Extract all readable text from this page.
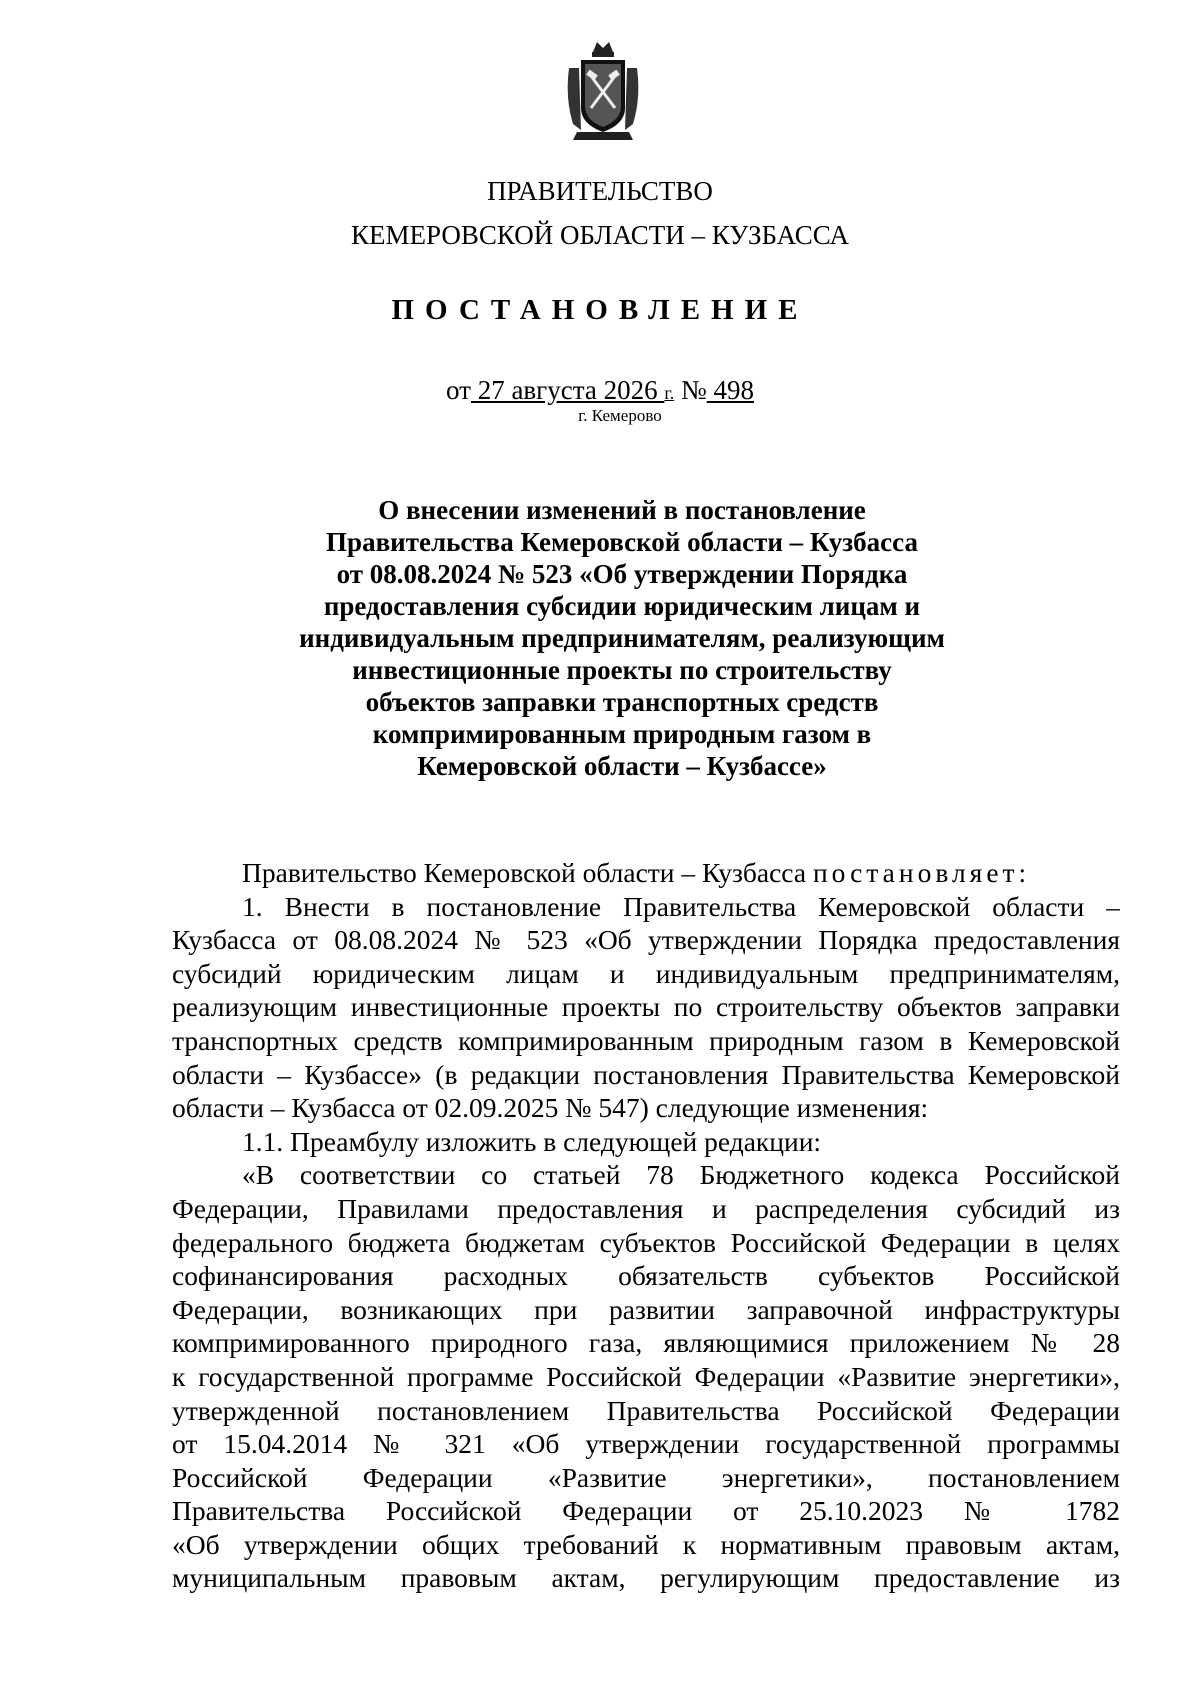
ПРАВИТЕЛЬСТВО
КЕМЕРОВСКОЙ ОБЛАСТИ – КУЗБАССА
ПОСТАНОВЛЕНИЕ
от 27 августа 2026 г. № 498
г. Кемерово
О внесении изменений в постановление
Правительства Кемеровской области – Кузбасса
от 08.08.2024 № 523 «Об утверждении Порядка
предоставления субсидии юридическим лицам и
индивидуальным предпринимателям, реализующим
инвестиционные проекты по строительству
объектов заправки транспортных средств
компримированным природным газом в
Кемеровской области – Кузбассе»
Правительство Кемеровской области – Кузбасса постановляет:
1. Внести в постановление Правительства Кемеровской области –
Кузбасса от 08.08.2024 № 523 «Об утверждении Порядка предоставления
субсидий юридическим лицам и индивидуальным предпринимателям,
реализующим инвестиционные проекты по строительству объектов заправки
транспортных средств компримированным природным газом в Кемеровской
области – Кузбассе» (в редакции постановления Правительства Кемеровской
области – Кузбасса от 02.09.2025 № 547) следующие изменения:
1.1. Преамбулу изложить в следующей редакции:
«В соответствии со статьей 78 Бюджетного кодекса Российской
Федерации, Правилами предоставления и распределения субсидий из
федерального бюджета бюджетам субъектов Российской Федерации в целях
софинансирования расходных обязательств субъектов Российской
Федерации, возникающих при развитии заправочной инфраструктуры
компримированного природного газа, являющимися приложением № 28
к государственной программе Российской Федерации «Развитие энергетики»,
утвержденной постановлением Правительства Российской Федерации
от 15.04.2014 № 321 «Об утверждении государственной программы
Российской Федерации «Развитие энергетики», постановлением
Правительства Российской Федерации от 25.10.2023 № 1782
«Об утверждении общих требований к нормативным правовым актам,
муниципальным правовым актам, регулирующим предоставление из
